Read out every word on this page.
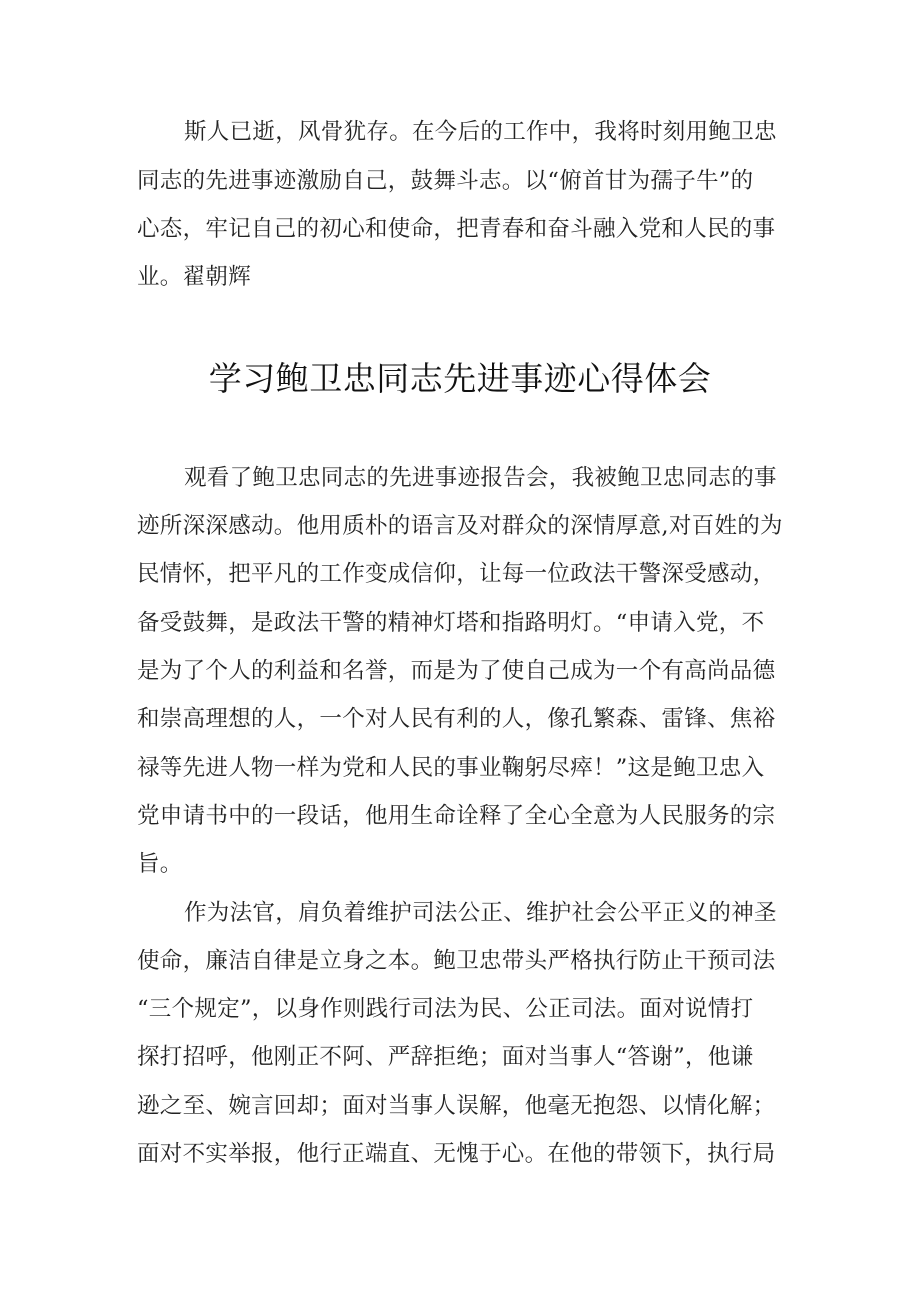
斯人已逝，风骨犹存。在今后的工作中，我将时刻用鲍卫忠
同志的先进事迹激励自己，鼓舞斗志。以“俯首甘为孺子牛”的
心态，牢记自己的初心和使命，把青春和奋斗融入党和人民的事
业。翟朝辉
学习鲍卫忠同志先进事迹心得体会
观看了鲍卫忠同志的先进事迹报告会，我被鲍卫忠同志的事
迹所深深感动。他用质朴的语言及对群众的深情厚意,对百姓的为
民情怀，把平凡的工作变成信仰，让每一位政法干警深受感动，
备受鼓舞，是政法干警的精神灯塔和指路明灯。“申请入党，不
是为了个人的利益和名誉，而是为了使自己成为一个有高尚品德
和崇高理想的人，一个对人民有利的人，像孔繁森、雷锋、焦裕
禄等先进人物一样为党和人民的事业鞠躬尽瘁！”这是鲍卫忠入
党申请书中的一段话，他用生命诠释了全心全意为人民服务的宗
旨。
作为法官，肩负着维护司法公正、维护社会公平正义的神圣
使命，廉洁自律是立身之本。鲍卫忠带头严格执行防止干预司法
“三个规定”，以身作则践行司法为民、公正司法。面对说情打
探打招呼，他刚正不阿、严辞拒绝；面对当事人“答谢”，他谦
逊之至、婉言回却；面对当事人误解，他毫无抱怨、以情化解；
面对不实举报，他行正端直、无愧于心。在他的带领下，执行局
